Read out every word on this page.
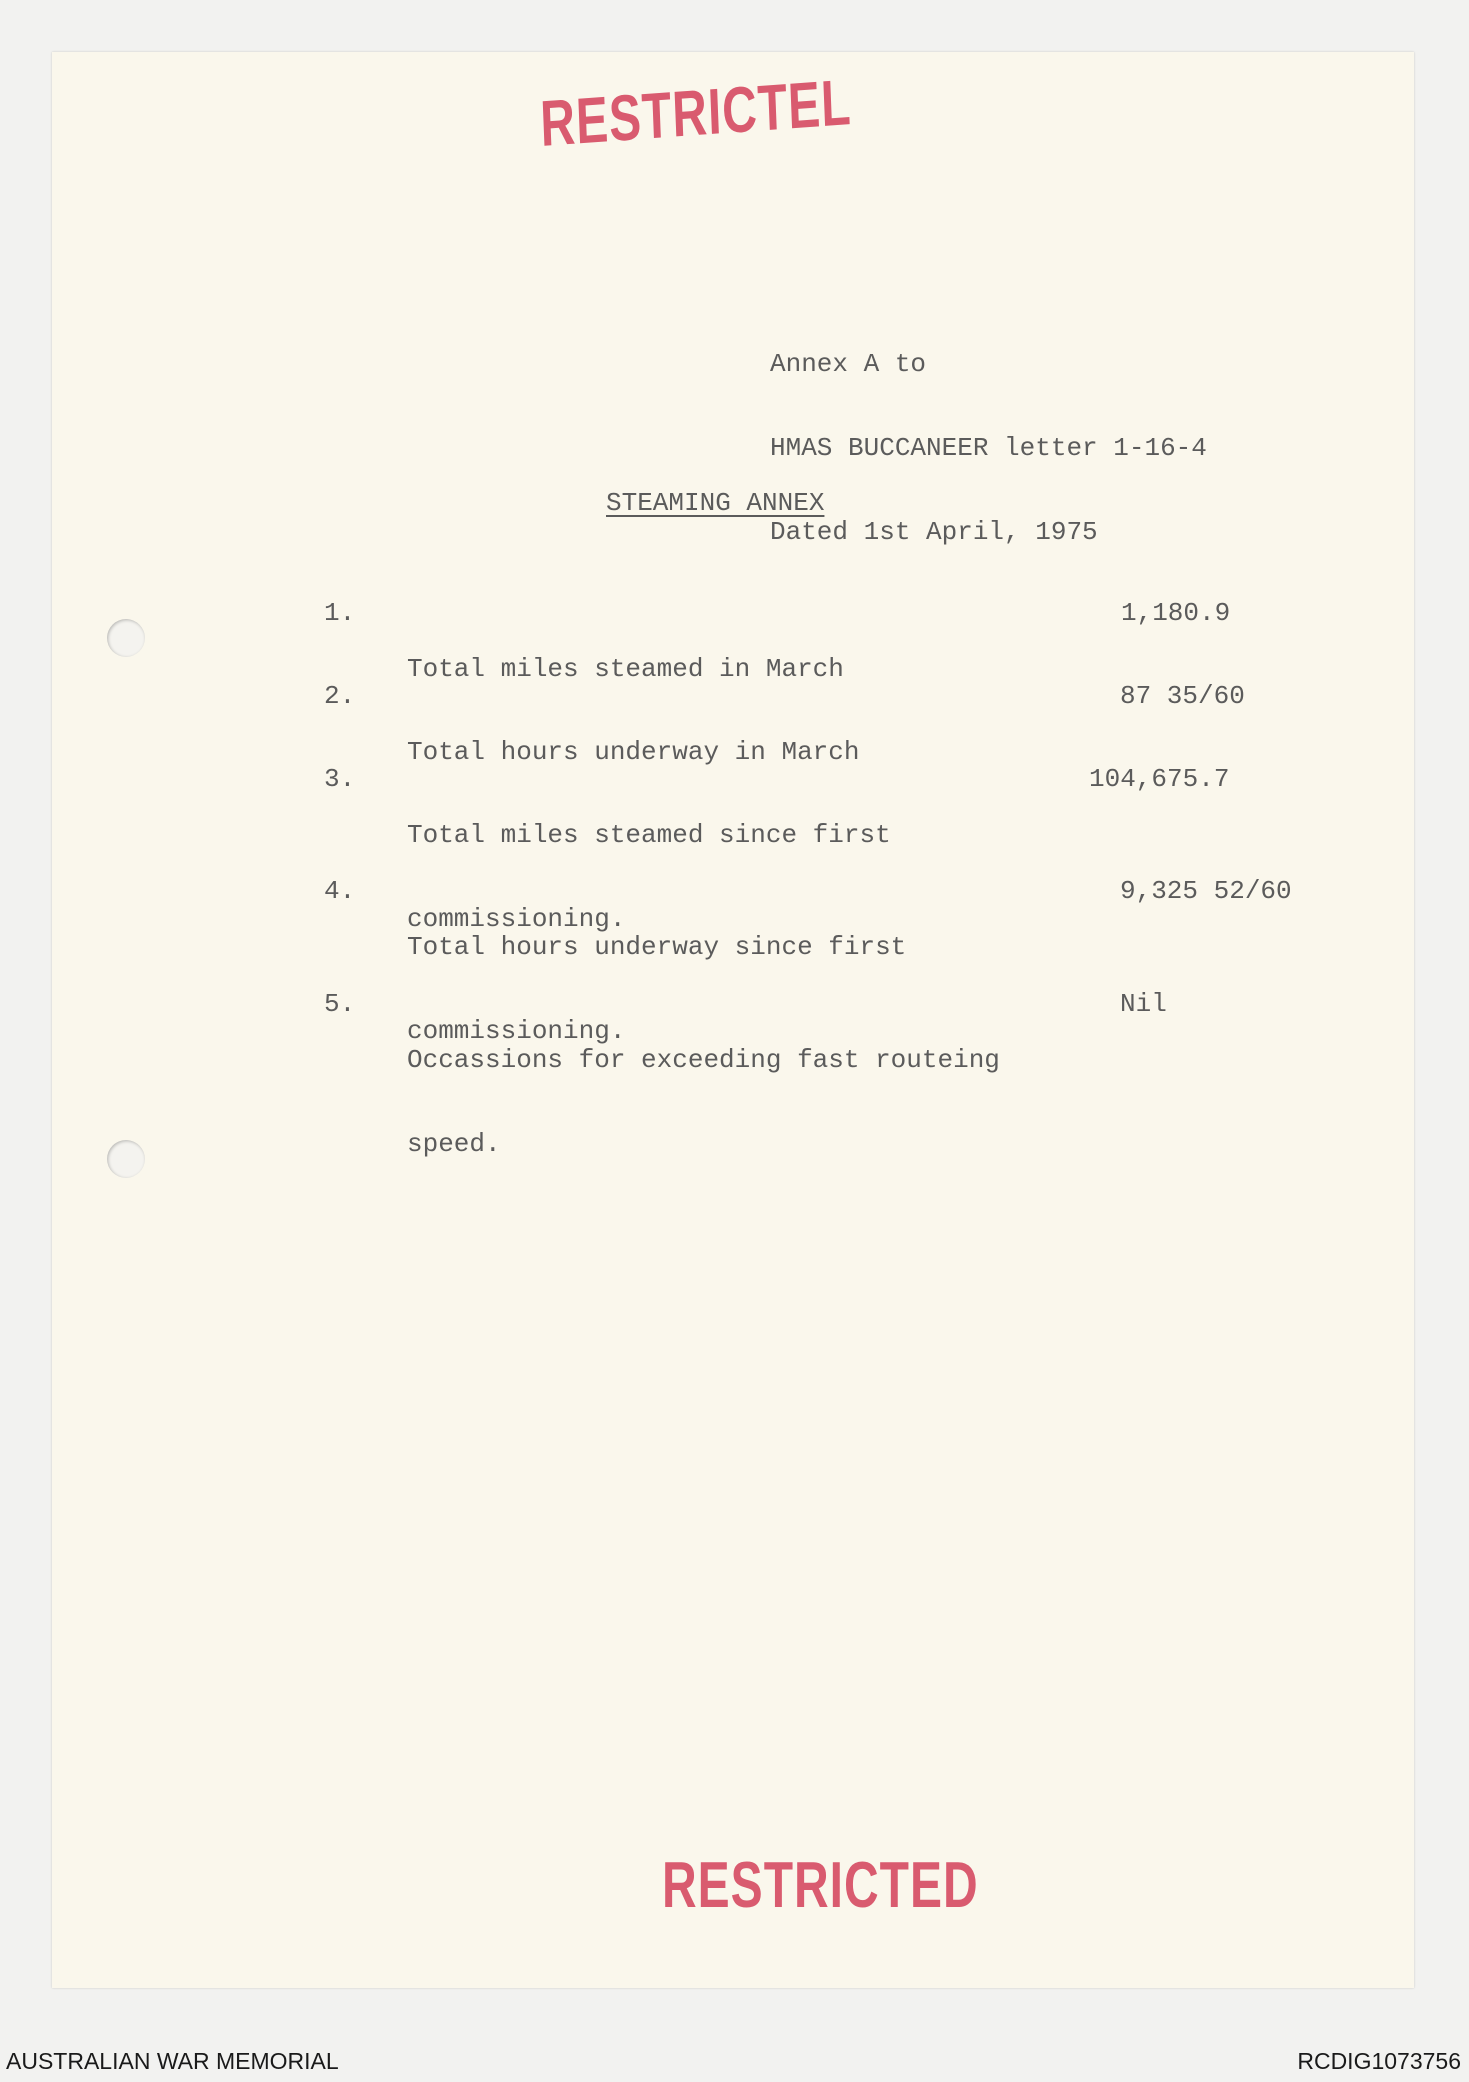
RESTRICTEL

Annex A to

HMAS BUCCANEER letter 1-16-4

Dated 1st April, 1975

STEAMING ANNEX

1.

Total miles steamed in March

1,180.9

2.

Total hours underway in March

87 35/60

3.

Total miles steamed since first

commissioning.

104,675.7

4.

Total hours underway since first

commissioning.

9,325 52/60

5.

Occassions for exceeding fast routeing

speed.

Nil

RESTRICTED
AUSTRALIAN WAR MEMORIAL	RCDIG1073756
